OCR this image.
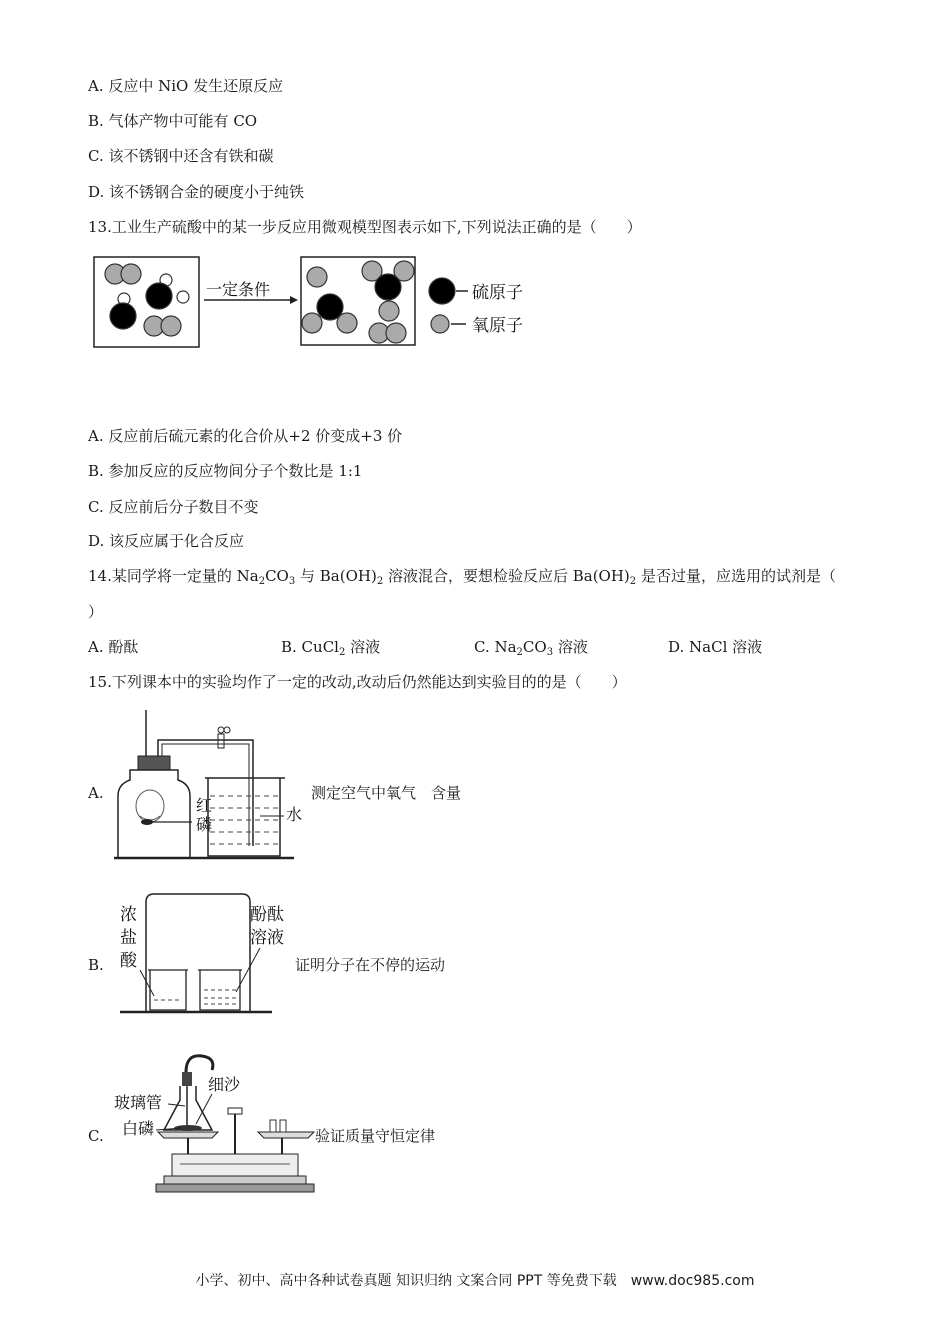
A. 反应中 NiO 发生还原反应
B. 气体产物中可能有 CO
C. 该不锈钢中还含有铁和碳
D. 该不锈钢合金的硬度小于纯铁
13.工业生产硫酸中的某一步反应用微观模型图表示如下,下列说法正确的是（　　）
一定条件	硫原子
氧原子
A. 反应前后硫元素的化合价从+2 价变成+3 价
B. 参加反应的反应物间分子个数比是 1:1
C. 反应前后分子数目不变
D. 该反应属于化合反应
14.某同学将一定量的 $Na_2CO_3$ 与 $Ba(OH)_2$ 溶液混合，要想检验反应后 $Ba(OH)_2$ 是否过量，应选用的试剂是（
）
A. 酚酞	B. CuCl$_2$ 溶液	C. $Na_2CO_3$ 溶液	D. NaCl 溶液
15.下列课本中的实验均作了一定的改动,改动后仍然能达到实验目的的是（　　）
A.
红
磷
水
测定空气中氧气　含量
B.
浓
盐
酸
酚酞
溶液
证明分子在不停的运动
C.
细沙
玻璃管
白磷	验证质量守恒定律
小学、初中、高中各种试卷真题 知识归纳 文案合同 PPT 等免费下载　www.doc985.com
